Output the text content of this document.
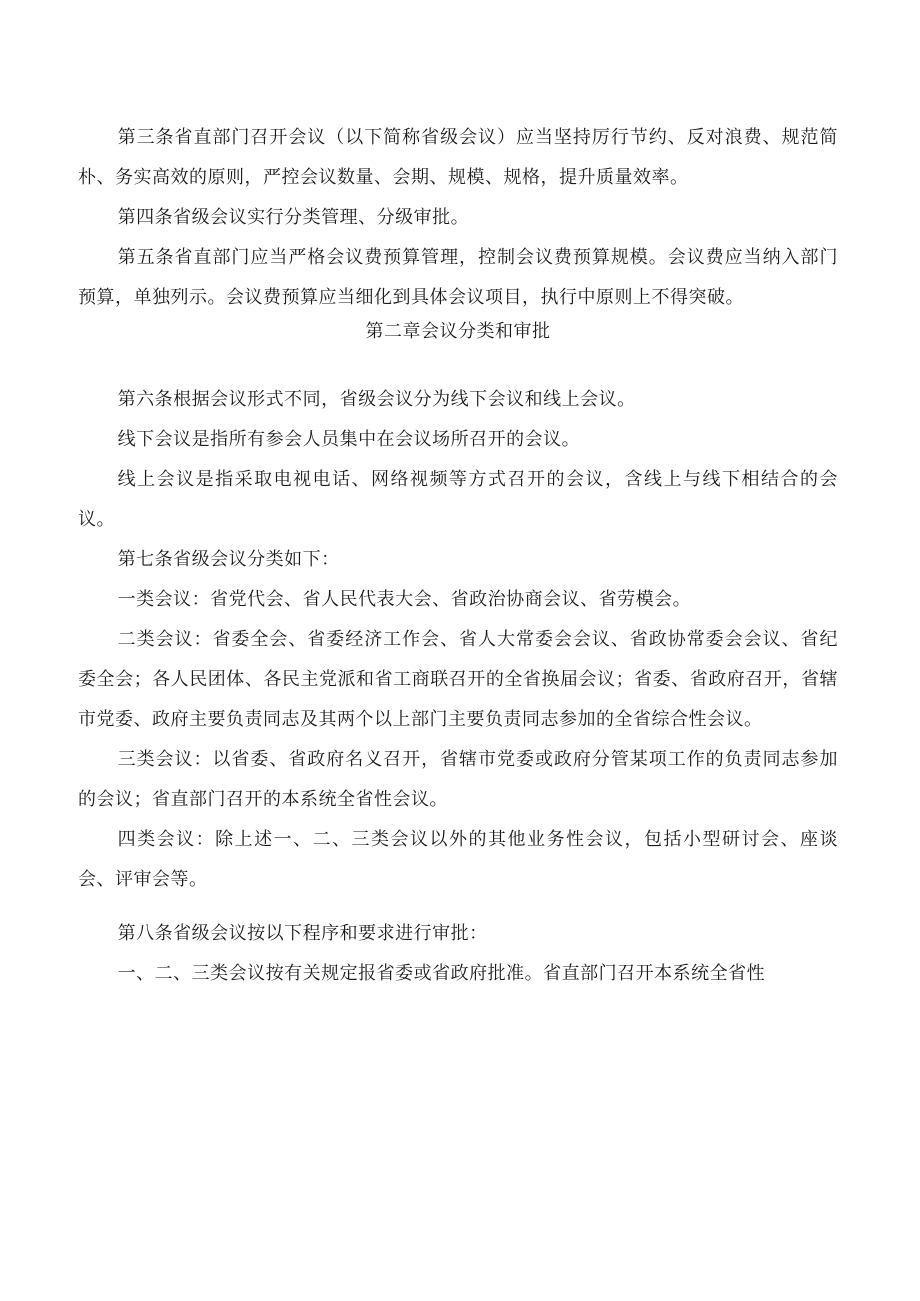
第三条省直部门召开会议（以下简称省级会议）应当坚持厉行节约、反对浪费、规范简朴、务实高效的原则，严控会议数量、会期、规模、规格，提升质量效率。

第四条省级会议实行分类管理、分级审批。

第五条省直部门应当严格会议费预算管理，控制会议费预算规模。会议费应当纳入部门预算，单独列示。会议费预算应当细化到具体会议项目，执行中原则上不得突破。

第二章会议分类和审批

第六条根据会议形式不同，省级会议分为线下会议和线上会议。

线下会议是指所有参会人员集中在会议场所召开的会议。

线上会议是指采取电视电话、网络视频等方式召开的会议，含线上与线下相结合的会议。

第七条省级会议分类如下：

一类会议：省党代会、省人民代表大会、省政治协商会议、省劳模会。

二类会议：省委全会、省委经济工作会、省人大常委会会议、省政协常委会会议、省纪委全会；各人民团体、各民主党派和省工商联召开的全省换届会议；省委、省政府召开，省辖市党委、政府主要负责同志及其两个以上部门主要负责同志参加的全省综合性会议。

三类会议：以省委、省政府名义召开，省辖市党委或政府分管某项工作的负责同志参加的会议；省直部门召开的本系统全省性会议。

四类会议：除上述一、二、三类会议以外的其他业务性会议，包括小型研讨会、座谈会、评审会等。

第八条省级会议按以下程序和要求进行审批：

一、二、三类会议按有关规定报省委或省政府批准。省直部门召开本系统全省性
